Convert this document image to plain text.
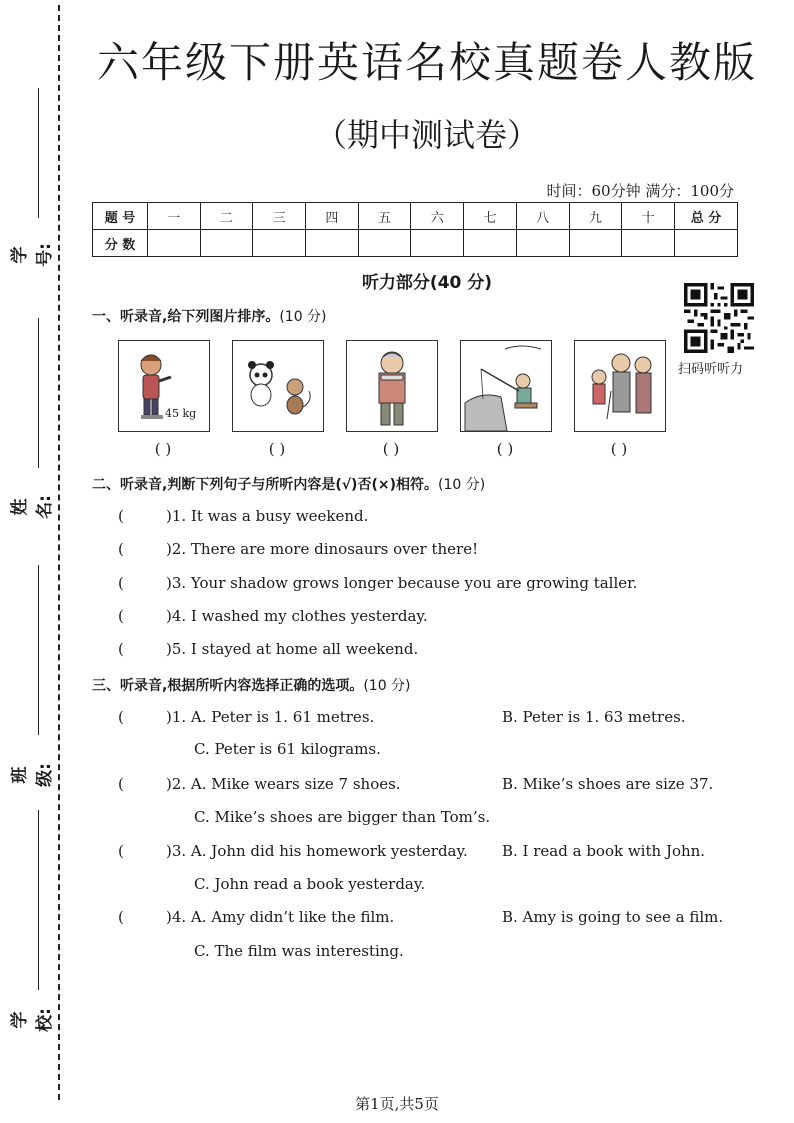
学号:
姓名:
班级:
学校:
六年级下册英语名校真题卷人教版
（期中测试卷）
时间：60分钟 满分：100分
题 号	一	二	三	四	五	六	七	八	九	十	总 分
分 数											
听力部分(40 分)
扫码听听力
一、听录音,给下列图片排序。(10 分)
45 kg
( )	( )	( )	( )	( )
二、听录音,判断下列句子与所听内容是(√)否(×)相符。(10 分)
(	)1. It was a busy weekend.
(	)2. There are more dinosaurs over there!
(	)3. Your shadow grows longer because you are growing taller.
(	)4. I washed my clothes yesterday.
(	)5. I stayed at home all weekend.
三、听录音,根据所听内容选择正确的选项。(10 分)
(	)1. A. Peter is 1. 61 metres.	B. Peter is 1. 63 metres.
C. Peter is 61 kilograms.
(	)2. A. Mike wears size 7 shoes.	B. Mike’s shoes are size 37.
C. Mike’s shoes are bigger than Tom’s.
(	)3. A. John did his homework yesterday. B. I read a book with John.
C. John read a book yesterday.
(	)4. A. Amy didn’t like the film.	B. Amy is going to see a film.
C. The film was interesting.
第1页,共5页
